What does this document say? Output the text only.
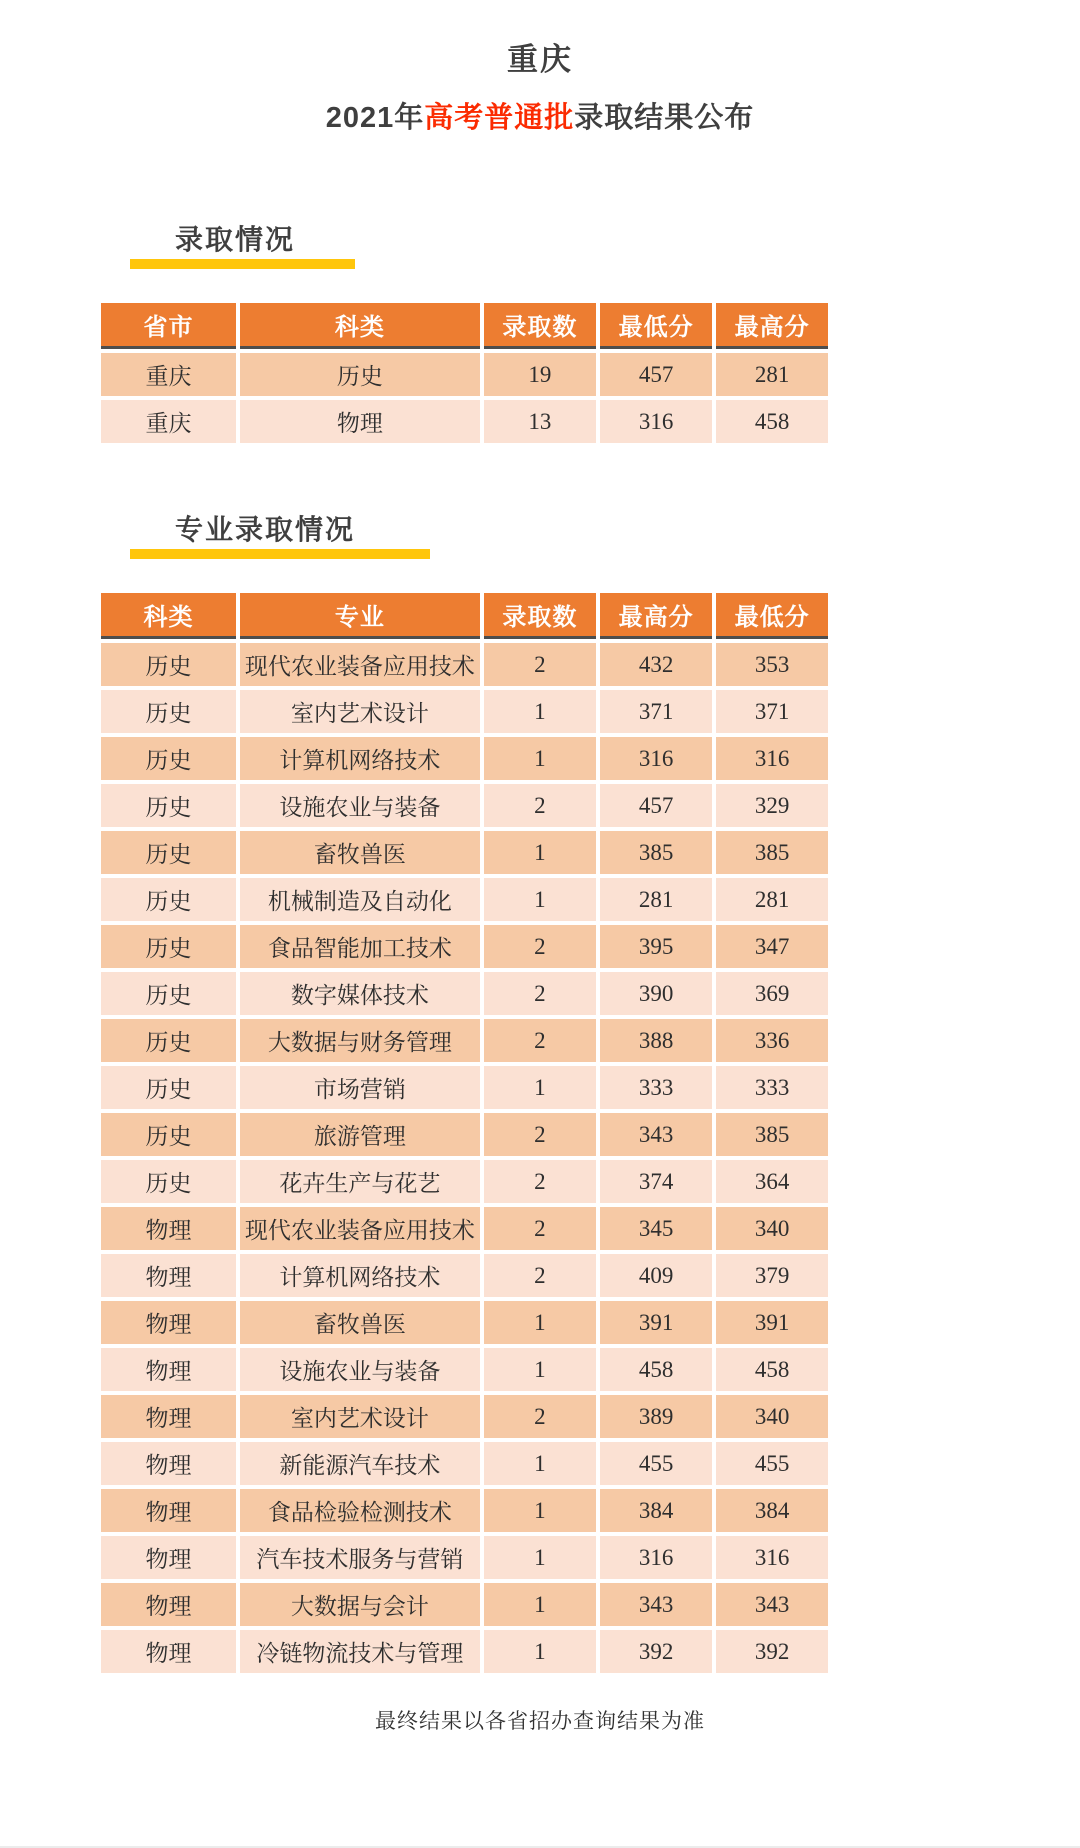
重庆
2021年高考普通批录取结果公布
录取情况
省市	科类	录取数	最低分	最高分
重庆	历史	19	457	281
重庆	物理	13	316	458
专业录取情况
科类	专业	录取数	最高分	最低分
历史	现代农业装备应用技术	2	432	353
历史	室内艺术设计	1	371	371
历史	计算机网络技术	1	316	316
历史	设施农业与装备	2	457	329
历史	畜牧兽医	1	385	385
历史	机械制造及自动化	1	281	281
历史	食品智能加工技术	2	395	347
历史	数字媒体技术	2	390	369
历史	大数据与财务管理	2	388	336
历史	市场营销	1	333	333
历史	旅游管理	2	343	385
历史	花卉生产与花艺	2	374	364
物理	现代农业装备应用技术	2	345	340
物理	计算机网络技术	2	409	379
物理	畜牧兽医	1	391	391
物理	设施农业与装备	1	458	458
物理	室内艺术设计	2	389	340
物理	新能源汽车技术	1	455	455
物理	食品检验检测技术	1	384	384
物理	汽车技术服务与营销	1	316	316
物理	大数据与会计	1	343	343
物理	冷链物流技术与管理	1	392	392
最终结果以各省招办查询结果为准
